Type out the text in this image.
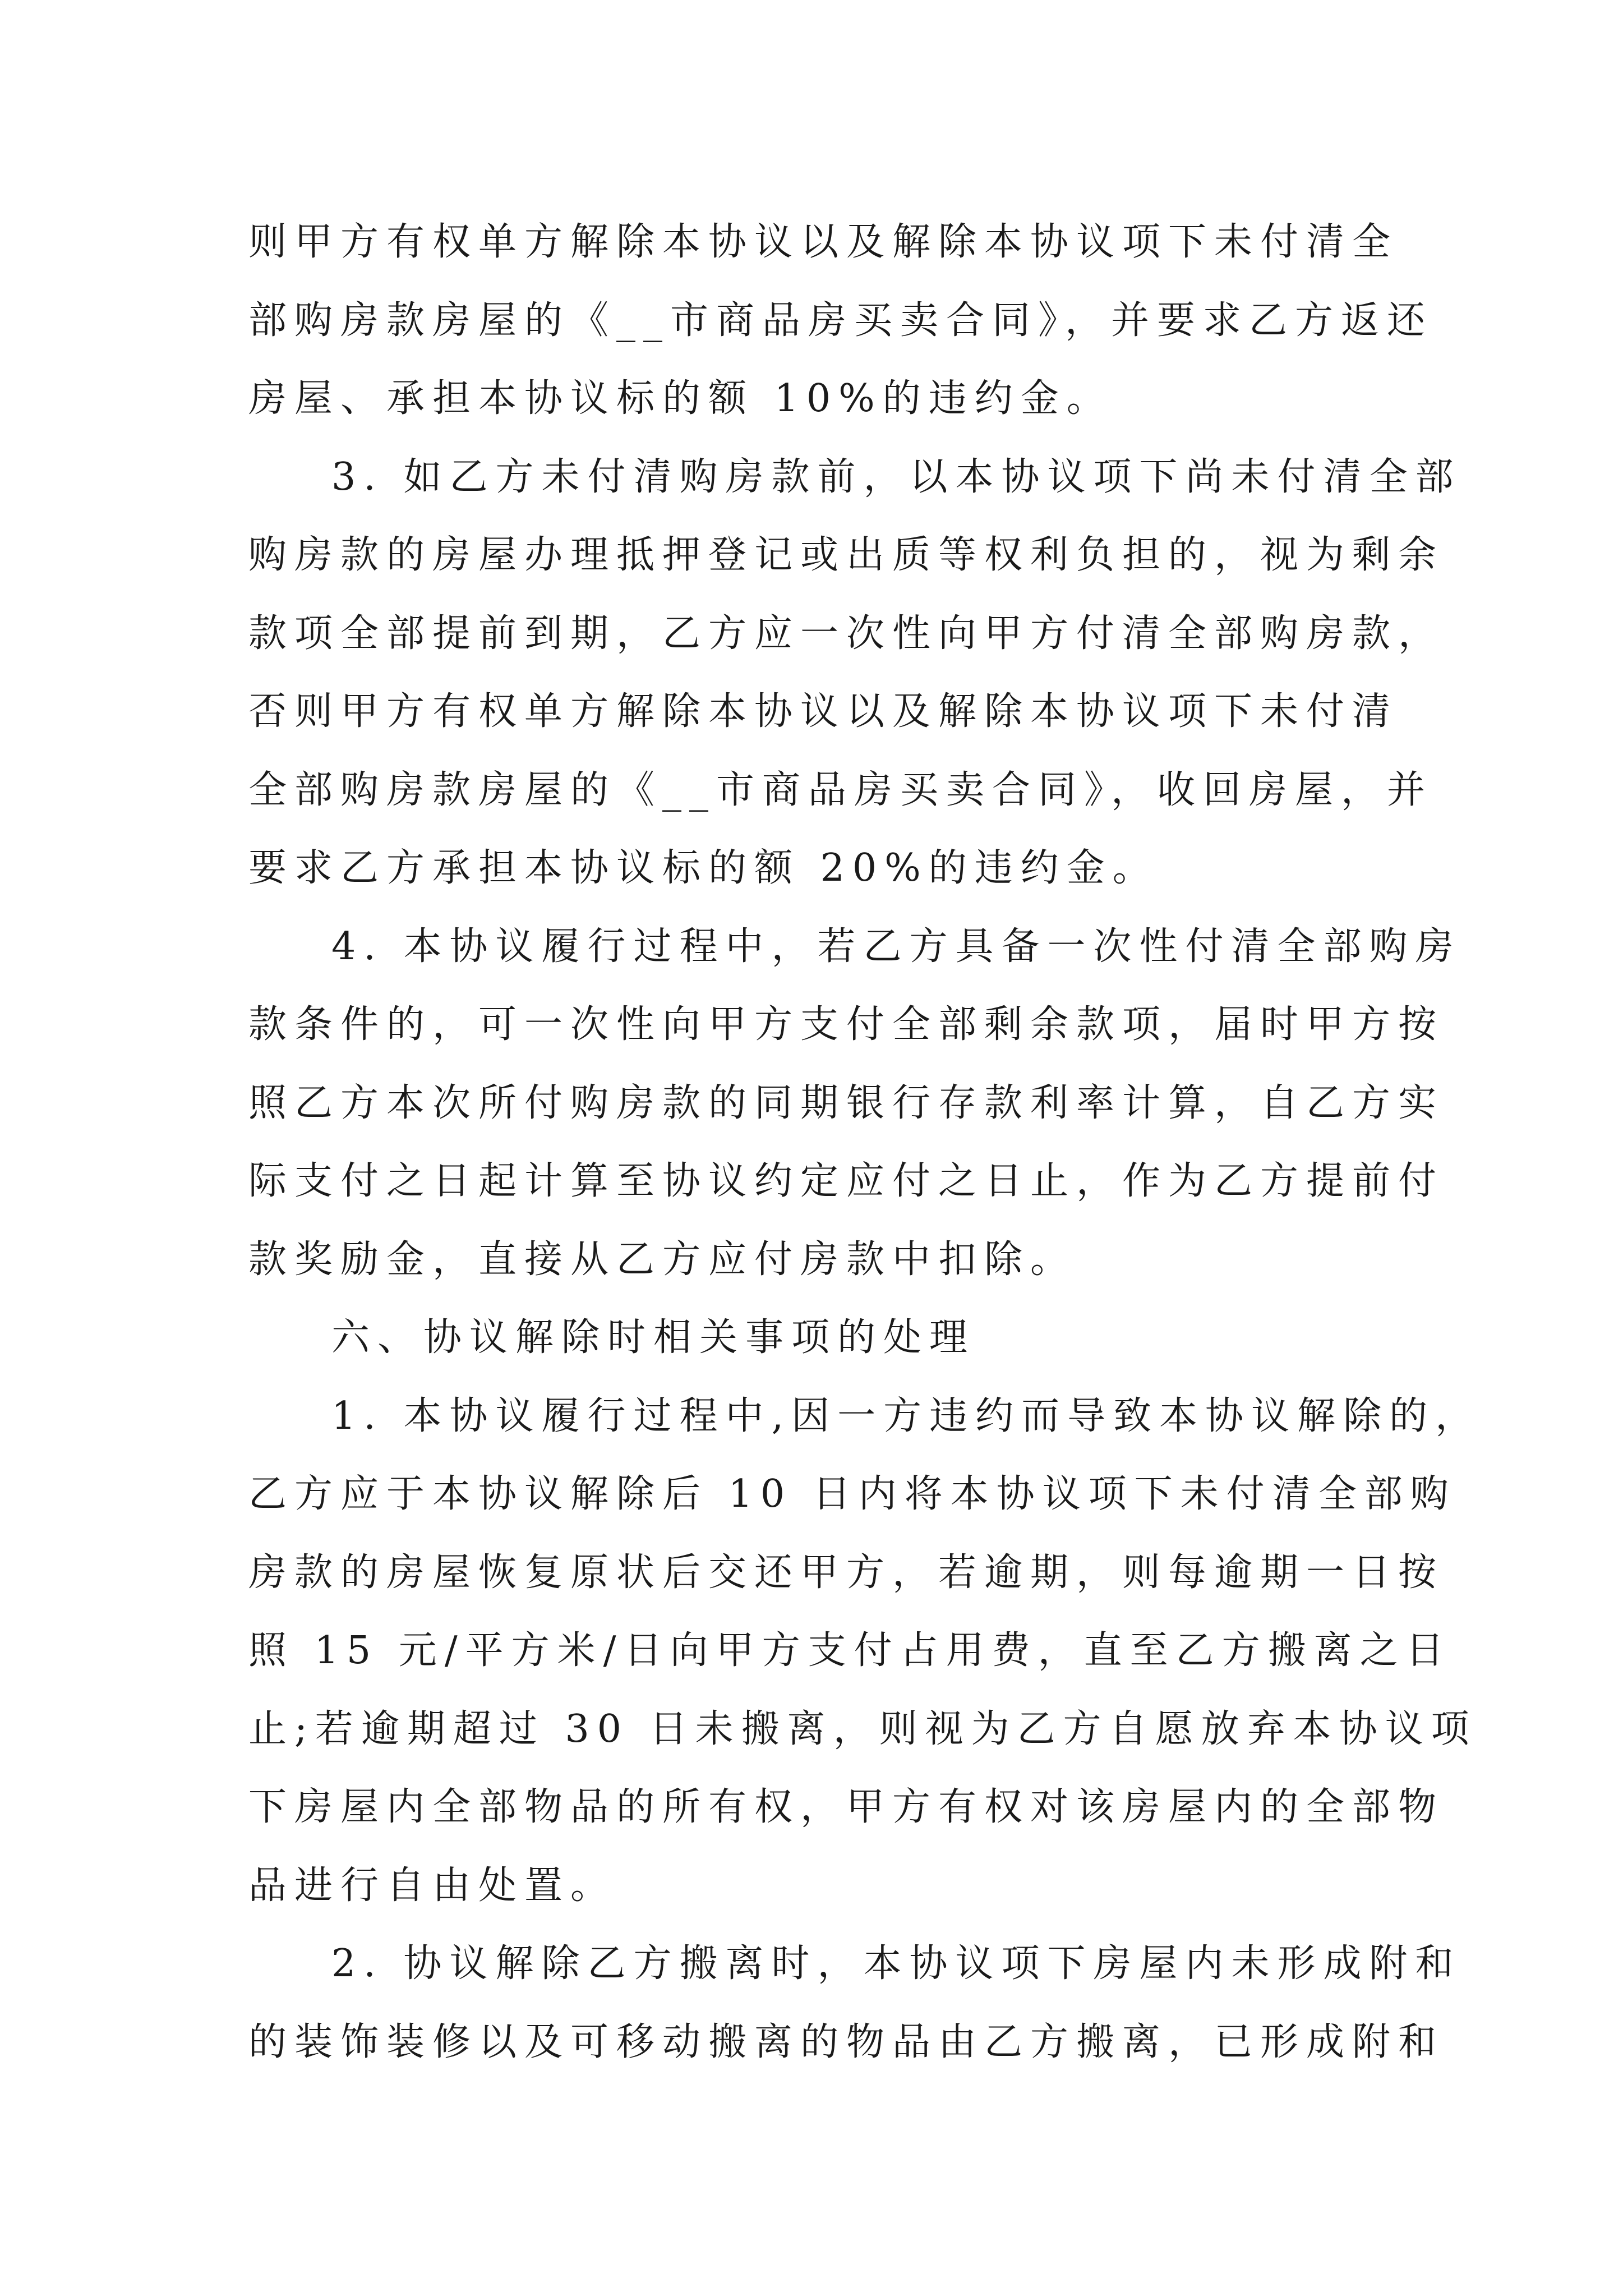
则甲方有权单方解除本协议以及解除本协议项下未付清全
部购房款房屋的《__市商品房买卖合同》，并要求乙方返还
房屋、承担本协议标的额 10%的违约金。
3. 如乙方未付清购房款前，以本协议项下尚未付清全部
购房款的房屋办理抵押登记或出质等权利负担的，视为剩余
款项全部提前到期，乙方应一次性向甲方付清全部购房款，
否则甲方有权单方解除本协议以及解除本协议项下未付清
全部购房款房屋的《__市商品房买卖合同》，收回房屋，并
要求乙方承担本协议标的额 20%的违约金。
4. 本协议履行过程中，若乙方具备一次性付清全部购房
款条件的，可一次性向甲方支付全部剩余款项，届时甲方按
照乙方本次所付购房款的同期银行存款利率计算，自乙方实
际支付之日起计算至协议约定应付之日止，作为乙方提前付
款奖励金，直接从乙方应付房款中扣除。
六、协议解除时相关事项的处理
1. 本协议履行过程中,因一方违约而导致本协议解除的，
乙方应于本协议解除后 10 日内将本协议项下未付清全部购
房款的房屋恢复原状后交还甲方，若逾期，则每逾期一日按
照 15 元/平方米/日向甲方支付占用费，直至乙方搬离之日
止;若逾期超过 30 日未搬离，则视为乙方自愿放弃本协议项
下房屋内全部物品的所有权，甲方有权对该房屋内的全部物
品进行自由处置。
2. 协议解除乙方搬离时，本协议项下房屋内未形成附和
的装饰装修以及可移动搬离的物品由乙方搬离，已形成附和
